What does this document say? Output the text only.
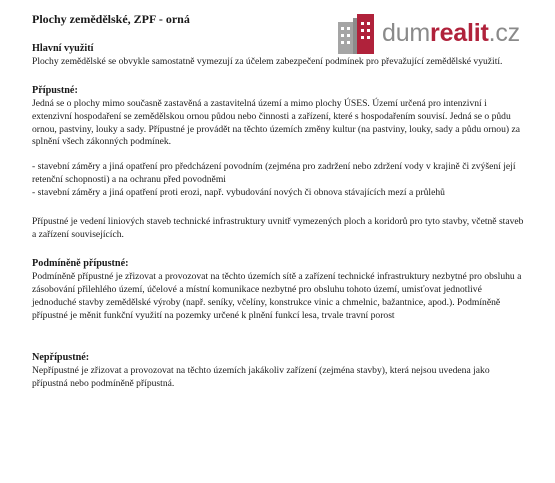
Plochy zemědělské, ZPF - orná	dumrealit.cz

Hlavní využití

Plochy zemědělské se obvykle samostatně vymezují za účelem zabezpečení podmínek pro převažující zemědělské využití.

Přípustné:

Jedná se o plochy mimo současně zastavěná a zastavitelná území a mimo plochy ÚSES. Území určená pro intenzivní i extenzivní hospodaření se zemědělskou ornou půdou nebo činnosti a zařízení, které s hospodařením souvisí. Jedná se o půdu ornou, pastviny, louky a sady. Přípustné je provádět na těchto územích změny kultur (na pastviny, louky, sady a půdu ornou) za splnění všech zákonných podmínek.

- stavební záměry a jiná opatření pro předcházení povodním (zejména pro zadržení nebo zdržení vody v krajině či zvýšení její retenční schopnosti) a na ochranu před povodněmi

- stavební záměry a jiná opatření proti erozi, např. vybudování nových či obnova stávajících mezí a průlehů

Přípustné je vedení liniových staveb technické infrastruktury uvnitř vymezených ploch a koridorů pro tyto stavby, včetně staveb a zařízení souvisejících.

Podmíněně přípustné:

Podmíněně přípustné je zřizovat a provozovat na těchto územích sítě a zařízení technické infrastruktury nezbytné pro obsluhu a zásobování přilehlého území, účelové a místní komunikace nezbytné pro obsluhu tohoto území, umisťovat jednotlivé jednoduché stavby zemědělské výroby (např. seníky, včelíny, konstrukce vinic a chmelnic, bažantnice, apod.). Podmíněně přípustné je měnit funkční využití na pozemky určené k plnění funkcí lesa, trvale travní porost

Nepřípustné:

Nepřípustné je zřizovat a provozovat na těchto územích jakákoliv zařízení (zejména stavby), která nejsou uvedena jako přípustná nebo podmíněně přípustná.
